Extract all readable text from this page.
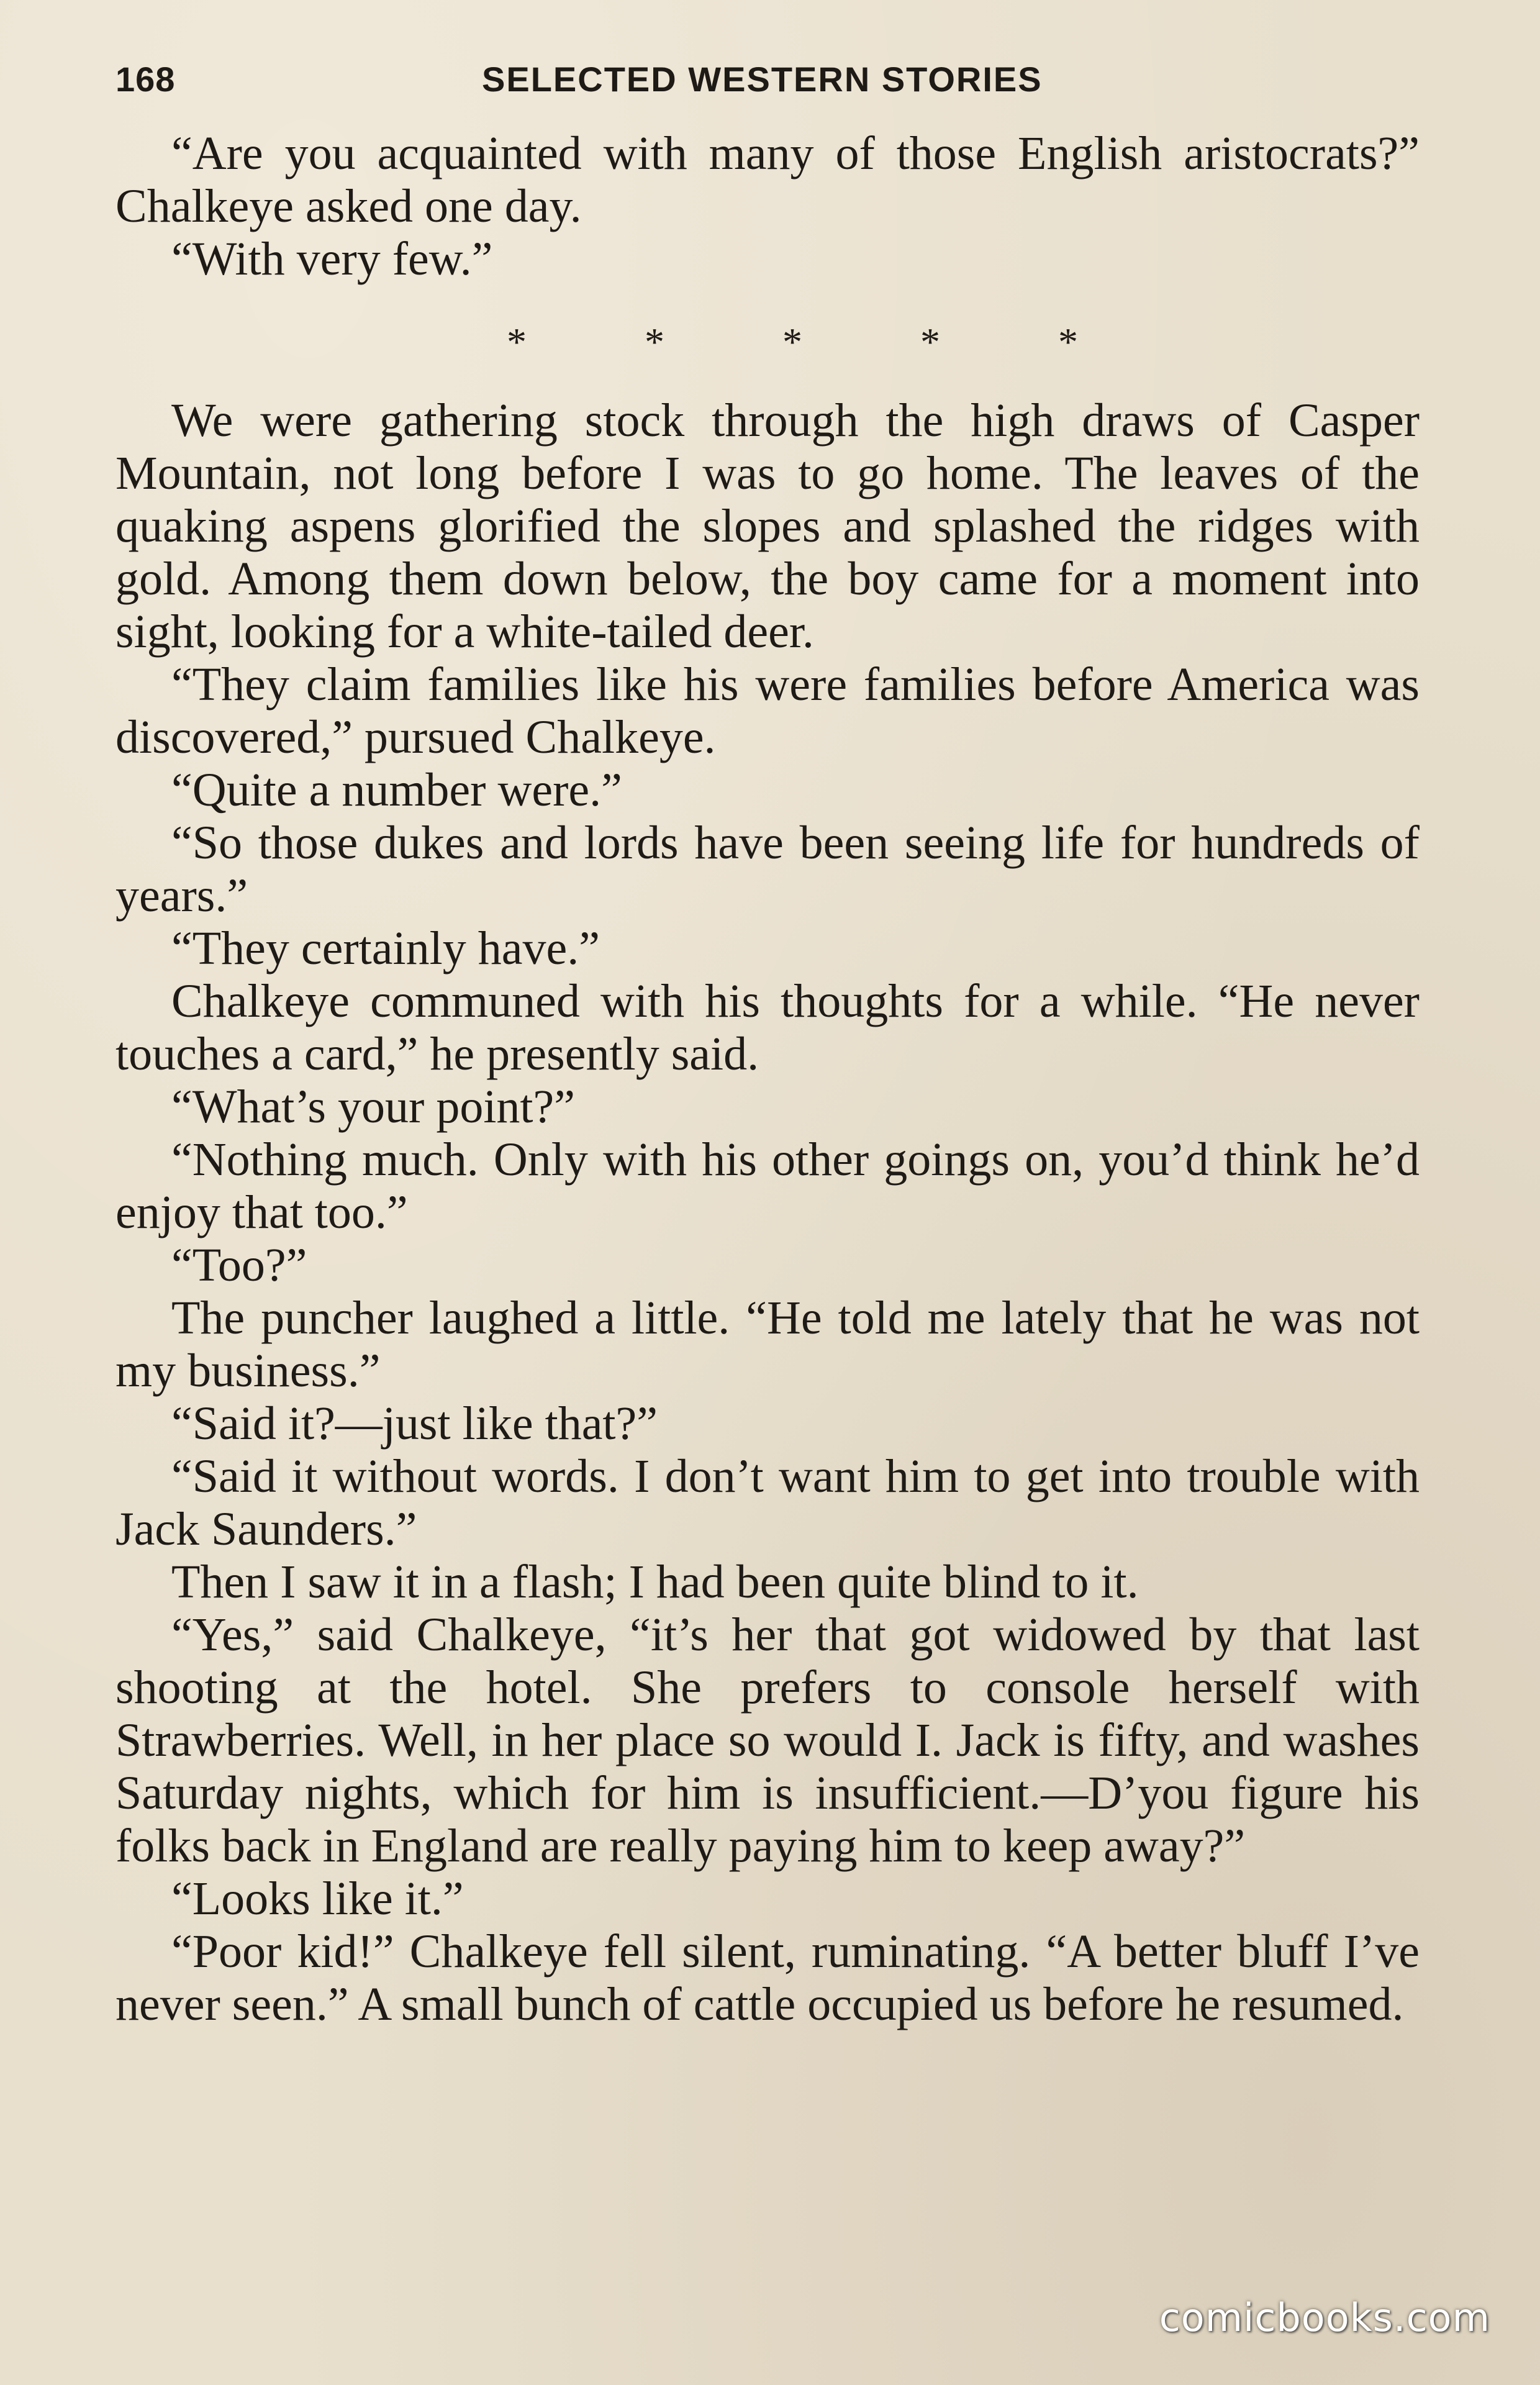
168	SELECTED WESTERN STORIES

“Are you acquainted with many of those English aristocrats?” Chalkeye asked one day.

“With very few.”

*	*	*	*	*

We were gathering stock through the high draws of Casper Mountain, not long before I was to go home. The leaves of the quaking aspens glorified the slopes and splashed the ridges with gold. Among them down below, the boy came for a moment into sight, looking for a white-tailed deer.

“They claim families like his were families before America was discovered,” pursued Chalkeye.

“Quite a number were.”

“So those dukes and lords have been seeing life for hundreds of years.”

“They certainly have.”

Chalkeye communed with his thoughts for a while. “He never touches a card,” he presently said.

“What’s your point?”

“Nothing much. Only with his other goings on, you’d think he’d enjoy that too.”

“Too?”

The puncher laughed a little. “He told me lately that he was not my business.”

“Said it?—just like that?”

“Said it without words. I don’t want him to get into trouble with Jack Saunders.”

Then I saw it in a flash; I had been quite blind to it.

“Yes,” said Chalkeye, “it’s her that got widowed by that last shooting at the hotel. She prefers to console herself with Strawberries. Well, in her place so would I. Jack is fifty, and washes Saturday nights, which for him is insufficient.—D’you figure his folks back in England are really paying him to keep away?”

“Looks like it.”

“Poor kid!” Chalkeye fell silent, ruminating. “A better bluff I’ve never seen.” A small bunch of cattle occupied us before he resumed.

comicbooks.com
